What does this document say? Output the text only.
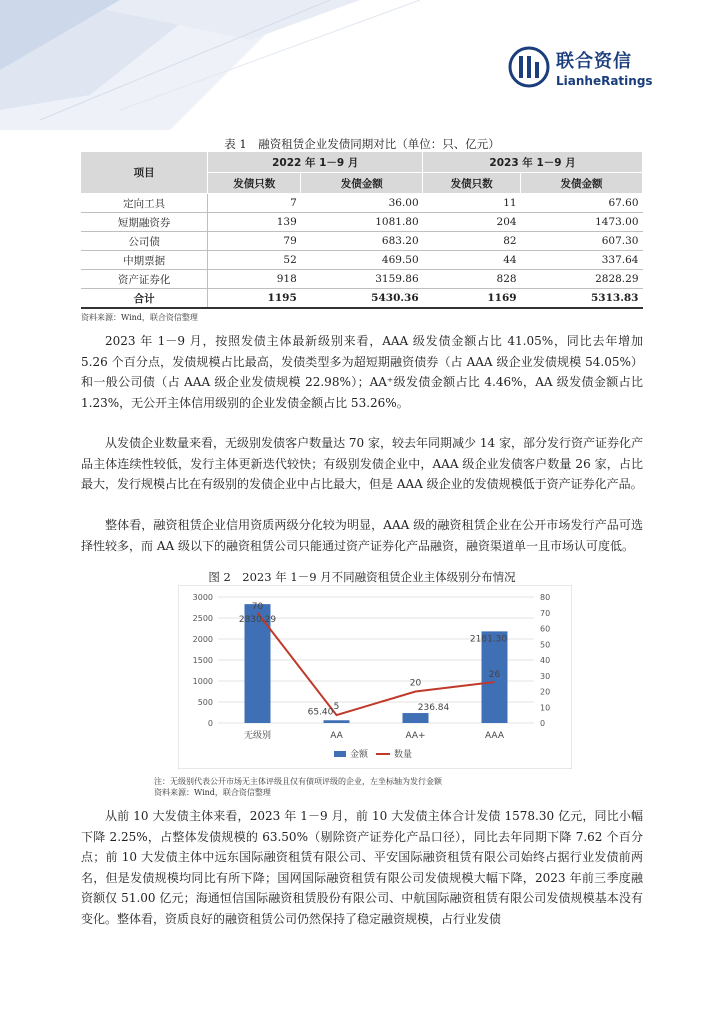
联合资信
LianheRatings
表 1　融资租赁企业发债同期对比（单位：只、亿元）
项目	2022 年 1－9 月		2023 年 1－9 月	
	发债只数	发债金额	发债只数	发债金额
定向工具	7	36.00	11	67.60
短期融资券	139	1081.80	204	1473.00
公司债	79	683.20	82	607.30
中期票据	52	469.50	44	337.64
资产证券化	918	3159.86	828	2828.29
合计	1195	5430.36	1169	5313.83
资料来源：Wind，联合资信整理

2023 年 1－9 月，按照发债主体最新级别来看，AAA 级发债金额占比 41.05%，同比去年增加 5.26 个百分点，发债规模占比最高，发债类型多为超短期融资债券（占 AAA 级企业发债规模 54.05%）和一般公司债（占 AAA 级企业发债规模 22.98%）；AA⁺级发债金额占比 4.46%，AA 级发债金额占比 1.23%，无公开主体信用级别的企业发债金额占比 53.26%。

从发债企业数量来看，无级别发债客户数量达 70 家，较去年同期减少 14 家，部分发行资产证券化产品主体连续性较低，发行主体更新迭代较快；有级别发债企业中，AAA 级企业发债客户数量 26 家，占比最大，发行规模占比在有级别的发债企业中占比最大，但是 AAA 级企业的发债规模低于资产证券化产品。

整体看，融资租赁企业信用资质两级分化较为明显，AAA 级的融资租赁企业在公开市场发行产品可选择性较多，而 AA 级以下的融资租赁公司只能通过资产证券化产品融资，融资渠道单一且市场认可度低。

图 2　2023 年 1－9 月不同融资租赁企业主体级别分布情况
0
500
1000
1500
2000
2500
3000
0
10
20
30
40
50
60
70
80
无级别	AA	AA+	AAA
2830.29
65.40	236.84
2181.30
70
5
20
26
金额	数量
注：无级别代表公开市场无主体评级且仅有债项评级的企业，左坐标轴为发行金额
资料来源：Wind，联合资信整理

从前 10 大发债主体来看，2023 年 1－9 月，前 10 大发债主体合计发债 1578.30 亿元，同比小幅下降 2.25%，占整体发债规模的 63.50%（剔除资产证券化产品口径），同比去年同期下降 7.62 个百分点；前 10 大发债主体中远东国际融资租赁有限公司、平安国际融资租赁有限公司始终占据行业发债前两名，但是发债规模均同比有所下降；国网国际融资租赁有限公司发债规模大幅下降，2023 年前三季度融资额仅 51.00 亿元；海通恒信国际融资租赁股份有限公司、中航国际融资租赁有限公司发债规模基本没有变化。整体看，资质良好的融资租赁公司仍然保持了稳定融资规模，占行业发债
